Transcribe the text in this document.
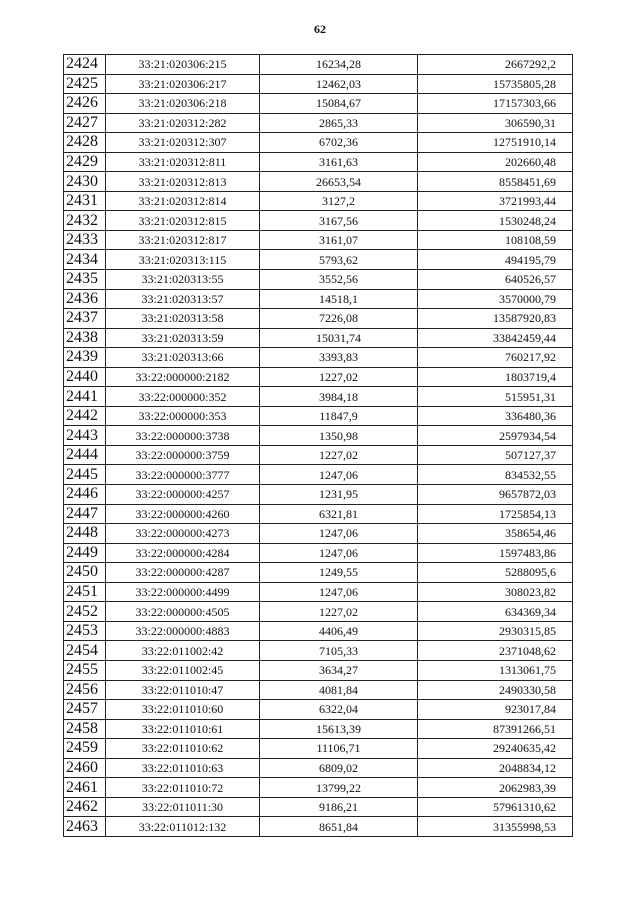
62
2424	33:21:020306:215	16234,28	2667292,2
2425	33:21:020306:217	12462,03	15735805,28
2426	33:21:020306:218	15084,67	17157303,66
2427	33:21:020312:282	2865,33	306590,31
2428	33:21:020312:307	6702,36	12751910,14
2429	33:21:020312:811	3161,63	202660,48
2430	33:21:020312:813	26653,54	8558451,69
2431	33:21:020312:814	3127,2	3721993,44
2432	33:21:020312:815	3167,56	1530248,24
2433	33:21:020312:817	3161,07	108108,59
2434	33:21:020313:115	5793,62	494195,79
2435	33:21:020313:55	3552,56	640526,57
2436	33:21:020313:57	14518,1	3570000,79
2437	33:21:020313:58	7226,08	13587920,83
2438	33:21:020313:59	15031,74	33842459,44
2439	33:21:020313:66	3393,83	760217,92
2440	33:22:000000:2182	1227,02	1803719,4
2441	33:22:000000:352	3984,18	515951,31
2442	33:22:000000:353	11847,9	336480,36
2443	33:22:000000:3738	1350,98	2597934,54
2444	33:22:000000:3759	1227,02	507127,37
2445	33:22:000000:3777	1247,06	834532,55
2446	33:22:000000:4257	1231,95	9657872,03
2447	33:22:000000:4260	6321,81	1725854,13
2448	33:22:000000:4273	1247,06	358654,46
2449	33:22:000000:4284	1247,06	1597483,86
2450	33:22:000000:4287	1249,55	5288095,6
2451	33:22:000000:4499	1247,06	308023,82
2452	33:22:000000:4505	1227,02	634369,34
2453	33:22:000000:4883	4406,49	2930315,85
2454	33:22:011002:42	7105,33	2371048,62
2455	33:22:011002:45	3634,27	1313061,75
2456	33:22:011010:47	4081,84	2490330,58
2457	33:22:011010:60	6322,04	923017,84
2458	33:22:011010:61	15613,39	87391266,51
2459	33:22:011010:62	11106,71	29240635,42
2460	33:22:011010:63	6809,02	2048834,12
2461	33:22:011010:72	13799,22	2062983,39
2462	33:22:011011:30	9186,21	57961310,62
2463	33:22:011012:132	8651,84	31355998,53
